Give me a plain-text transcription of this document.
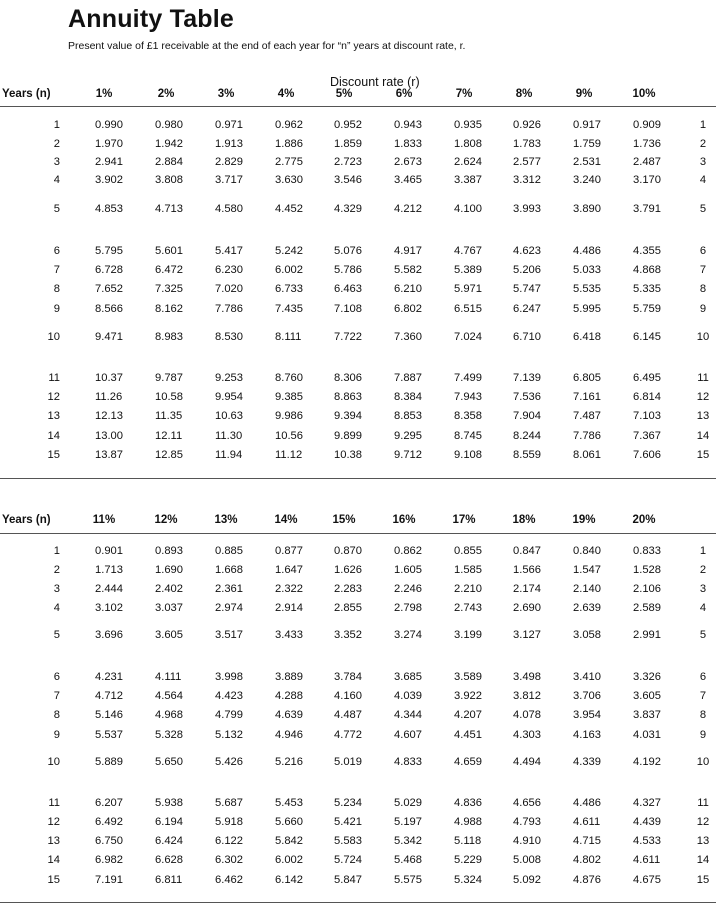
Annuity Table
Present value of £1 receivable at the end of each year for “n” years at discount rate, r.
Discount rate (r)
Years (n)	1%	2%	3%	4%	5%	6%	7%	8%	9%	10%
1	0.990	0.980	0.971	0.962	0.952	0.943	0.935	0.926	0.917	0.909	1
2	1.970	1.942	1.913	1.886	1.859	1.833	1.808	1.783	1.759	1.736	2
3	2.941	2.884	2.829	2.775	2.723	2.673	2.624	2.577	2.531	2.487	3
4	3.902	3.808	3.717	3.630	3.546	3.465	3.387	3.312	3.240	3.170	4
5	4.853	4.713	4.580	4.452	4.329	4.212	4.100	3.993	3.890	3.791	5
6	5.795	5.601	5.417	5.242	5.076	4.917	4.767	4.623	4.486	4.355	6
7	6.728	6.472	6.230	6.002	5.786	5.582	5.389	5.206	5.033	4.868	7
8	7.652	7.325	7.020	6.733	6.463	6.210	5.971	5.747	5.535	5.335	8
9	8.566	8.162	7.786	7.435	7.108	6.802	6.515	6.247	5.995	5.759	9
10	9.471	8.983	8.530	8.111	7.722	7.360	7.024	6.710	6.418	6.145	10
11	10.37	9.787	9.253	8.760	8.306	7.887	7.499	7.139	6.805	6.495	11
12	11.26	10.58	9.954	9.385	8.863	8.384	7.943	7.536	7.161	6.814	12
13	12.13	11.35	10.63	9.986	9.394	8.853	8.358	7.904	7.487	7.103	13
14	13.00	12.11	11.30	10.56	9.899	9.295	8.745	8.244	7.786	7.367	14
15	13.87	12.85	11.94	11.12	10.38	9.712	9.108	8.559	8.061	7.606	15
Years (n)	11%	12%	13%	14%	15%	16%	17%	18%	19%	20%
1	0.901	0.893	0.885	0.877	0.870	0.862	0.855	0.847	0.840	0.833	1
2	1.713	1.690	1.668	1.647	1.626	1.605	1.585	1.566	1.547	1.528	2
3	2.444	2.402	2.361	2.322	2.283	2.246	2.210	2.174	2.140	2.106	3
4	3.102	3.037	2.974	2.914	2.855	2.798	2.743	2.690	2.639	2.589	4
5	3.696	3.605	3.517	3.433	3.352	3.274	3.199	3.127	3.058	2.991	5
6	4.231	4.111	3.998	3.889	3.784	3.685	3.589	3.498	3.410	3.326	6
7	4.712	4.564	4.423	4.288	4.160	4.039	3.922	3.812	3.706	3.605	7
8	5.146	4.968	4.799	4.639	4.487	4.344	4.207	4.078	3.954	3.837	8
9	5.537	5.328	5.132	4.946	4.772	4.607	4.451	4.303	4.163	4.031	9
10	5.889	5.650	5.426	5.216	5.019	4.833	4.659	4.494	4.339	4.192	10
11	6.207	5.938	5.687	5.453	5.234	5.029	4.836	4.656	4.486	4.327	11
12	6.492	6.194	5.918	5.660	5.421	5.197	4.988	4.793	4.611	4.439	12
13	6.750	6.424	6.122	5.842	5.583	5.342	5.118	4.910	4.715	4.533	13
14	6.982	6.628	6.302	6.002	5.724	5.468	5.229	5.008	4.802	4.611	14
15	7.191	6.811	6.462	6.142	5.847	5.575	5.324	5.092	4.876	4.675	15
